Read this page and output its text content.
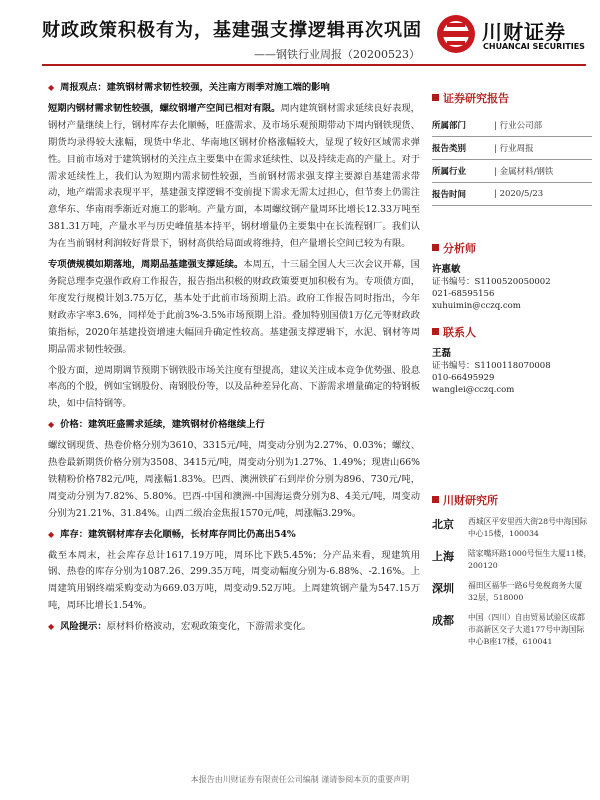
财政政策积极有为，基建强支撑逻辑再次巩固
——钢铁行业周报（20200523）
川财证券
CHUANCAI SECURITIES
◆ 周报观点：建筑钢材需求韧性较强，关注南方雨季对施工端的影响

短期内钢材需求韧性较强，螺纹钢增产空间已相对有限。周内建筑钢材需求延续良好表现，钢材产量继续上行，钢材库存去化顺畅，旺盛需求、及市场乐观预期带动下周内钢铁现货、期货均录得较大涨幅，现货中华北、华南地区钢材价格涨幅较大，显现了较好区域需求弹性。目前市场对于建筑钢材的关注点主要集中在需求延续性、以及持续走高的产量上。对于需求延续性上，我们认为短期内需求韧性较强，当前钢材需求强支撑主要源自基建需求带动，地产端需求表现平平，基建强支撑逻辑不变前提下需求无需太过担心，但节奏上仍需注意华东、华南雨季渐近对施工的影响。产量方面，本周螺纹钢产量周环比增长12.33万吨至381.31万吨，产量水平与历史峰值基本持平，钢材增量仍主要集中在长流程钢厂。我们认为在当前钢材利润较好背景下，钢材高供给局面或将维持，但产量增长空间已较为有限。

专项债规模如期落地，周期品基建强支撑延续。本周五，十三届全国人大三次会议开幕，国务院总理李克强作政府工作报告，报告指出积极的财政政策要更加积极有为。专项债方面，年度发行规模计划3.75万亿，基本处于此前市场预期上沿。政府工作报告同时指出，今年财政赤字率3.6%，同样处于此前3%-3.5%市场预期上沿。叠加特别国债1万亿元等财政政策指标，2020年基建投资增速大幅回升确定性较高。基建强支撑逻辑下，水泥、钢材等周期品需求韧性较强。

个股方面，逆周期调节预期下钢铁股市场关注度有望提高，建议关注成本竞争优势强、股息率高的个股，例如宝钢股份、南钢股份等，以及品种差异化高、下游需求增量确定的特钢板块，如中信特钢等。

◆ 价格：建筑旺盛需求延续，建筑钢材价格继续上行

螺纹钢现货、热卷价格分别为3610、3315元/吨，周变动分别为2.27%、0.03%；螺纹、热卷最新期货价格分别为3508、3415元/吨，周变动分别为1.27%、1.49%；现唐山66%铁精粉价格782元/吨，周涨幅1.83%。巴西、澳洲铁矿石到岸价分别为896、730元/吨，周变动分别为7.82%、5.80%。巴西-中国和澳洲-中国海运费分别为8、4美元/吨，周变动分别为21.21%、31.84%。山西二级冶金焦报1570元/吨，周涨幅3.29%。

◆ 库存：建筑钢材库存去化顺畅，长材库存同比仍高出54%

截至本周末，社会库存总计1617.19万吨，周环比下跌5.45%；分产品来看，现建筑用钢、热卷的库存分别为1087.26、299.35万吨，周变动幅度分别为-6.88%、-2.16%。上周建筑用钢终端采购变动为669.03万吨，周变动9.52万吨。上周建筑钢产量为547.15万吨，周环比增长1.54%。

◆ 风险提示：原材料价格波动，宏观政策变化，下游需求变化。

证券研究报告
所属部门	| 行业公司部
报告类别	| 行业周报
所属行业	| 金属材料/钢铁
报告时间	| 2020/5/23
分析师
许惠敏
证书编号：S1100520050002
021-68595156
xuhuimin@cczq.com
联系人
王磊
证书编号：S1100118070008
010-66495929
wanglei@cczq.com
川财研究所
北京	西城区平安里西大街28号中海国际中心15楼，100034
上海	陆家嘴环路1000号恒生大厦11楼，200120
深圳	福田区福华一路6号免税商务大厦32层，518000
成都	中国（四川）自由贸易试验区成都市高新区交子大道177号中海国际中心B座17楼，610041
本报告由川财证券有限责任公司编制 谨请参阅本页的重要声明
